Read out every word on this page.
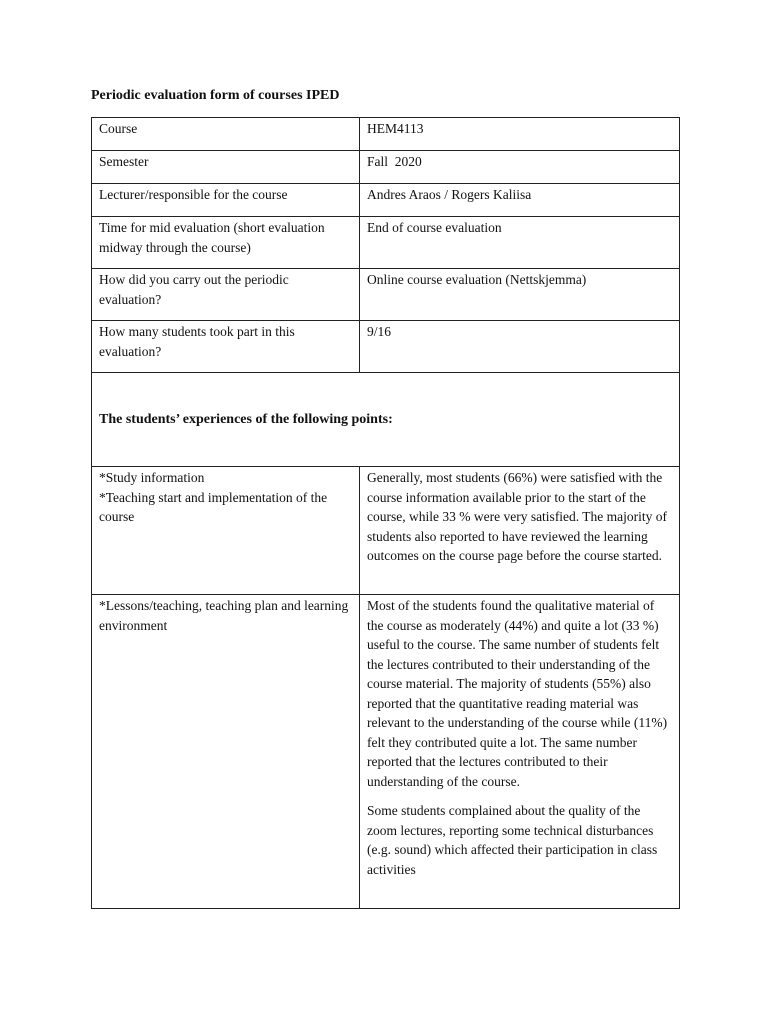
Periodic evaluation form of courses IPED
Course	HEM4113
Semester	Fall  2020
Lecturer/responsible for the course	Andres Araos / Rogers Kaliisa
Time for mid evaluation (short evaluation midway through the course)	End of course evaluation
How did you carry out the periodic evaluation?	Online course evaluation (Nettskjemma)
How many students took part in this evaluation?	9/16
The students’ experiences of the following points:	
*Study information
*Teaching start and implementation of the course	Generally, most students (66%) were satisfied with the course information available prior to the start of the course, while 33 % were very satisfied. The majority of students also reported to have reviewed the learning outcomes on the course page before the course started.

*Lessons/teaching, teaching plan and learning environment	Most of the students found the qualitative material of the course as moderately (44%) and quite a lot (33 %) useful to the course. The same number of students felt the lectures contributed to their understanding of the course material. The majority of students (55%) also reported that the quantitative reading material was relevant to the understanding of the course while (11%) felt they contributed quite a lot. The same number reported that the lectures contributed to their understanding of the course.
Some students complained about the quality of the zoom lectures, reporting some technical disturbances (e.g. sound) which affected their participation in class activities
